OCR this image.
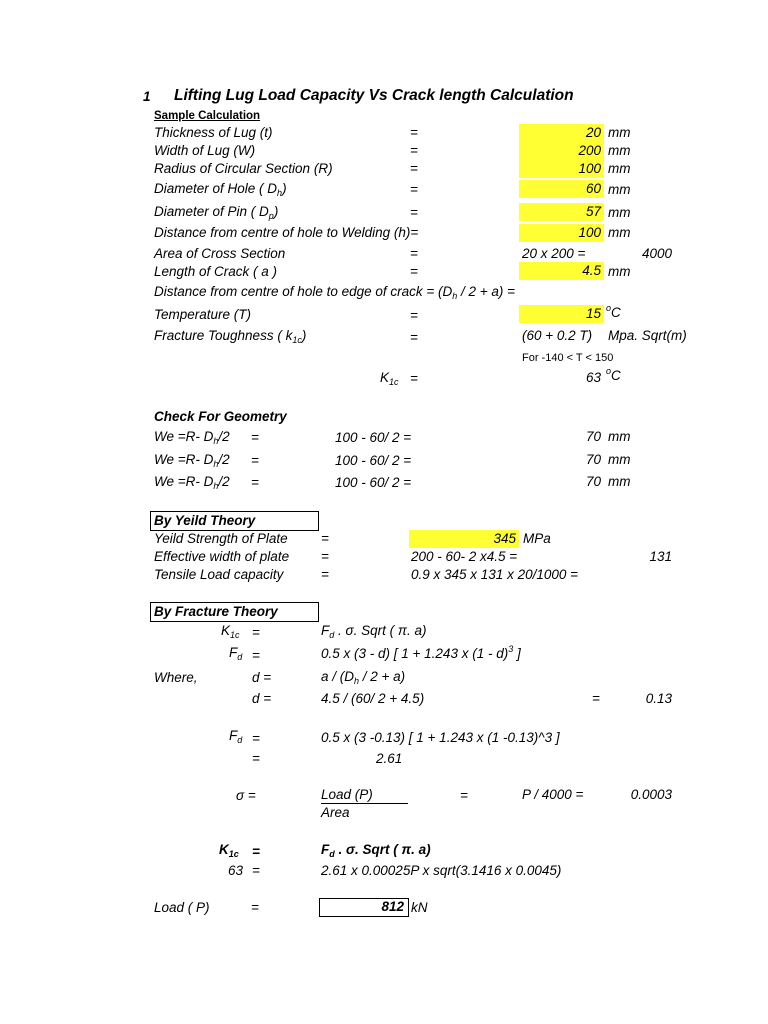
1 Lifting Lug Load Capacity Vs Crack length Calculation
Sample Calculation
Thickness of Lug (t)	=	20 mm
Width of Lug (W)	=	200 mm
Radius of Circular Section (R)	=	100 mm
Diameter of Hole ( $D_h$)	=	60 mm
Diameter of Pin ( $D_p$)	=	57 mm
Distance from centre of hole to Welding (h)=	100 mm
Area of Cross Section	=	20 x 200 =	4000
Length of Crack ( a )	=	4.5 mm
Distance from centre of hole to edge of crack = $(D_h / 2 + a)$ =
Temperature (T)	=	15 $^o$C
Fracture Toughness ( $k_{1c}$)	=	(60 + 0.2 T) Mpa. Sqrt(m)
For -140 < T < 150
$K_{1c}$ =	63 $^o$C
Check For Geometry
We =R- $D_h/2$ =	100 - 60/ 2 =	70 mm
We =R- $D_h/2$ =	100 - 60/ 2 =	70 mm
We =R- $D_h/2$ =	100 - 60/ 2 =	70 mm
By Yeild Theory
Yeild Strength of Plate =	345 MPa
Effective width of plate =	200 - 60- 2 x4.5 =	131
Tensile Load capacity	=	0.9 x 345 x 131 x 20/1000 =
By Fracture Theory
$K_{1c}$ =	$F_d$ . σ. Sqrt ( π. a)
$F_d$ =	0.5 x (3 - d) [ 1 + 1.243 x (1 - d)$^3$ ]
Where,	d =	$a / (D_h / 2 + a)$
d =	4.5 / (60/ 2 + 4.5)	=	0.13
$F_d$ =	0.5 x (3 -0.13) [ 1 + 1.243 x (1 -0.13)^3 ]
=	2.61
σ =	Load (P)
Area
=	P / 4000 =	0.0003
$K_{1c}$ =	$F_d$ . σ. Sqrt ( π. a)
63 =	2.61 x 0.00025P x sqrt(3.1416 x 0.0045)
Load ( P)	=	812 kN
